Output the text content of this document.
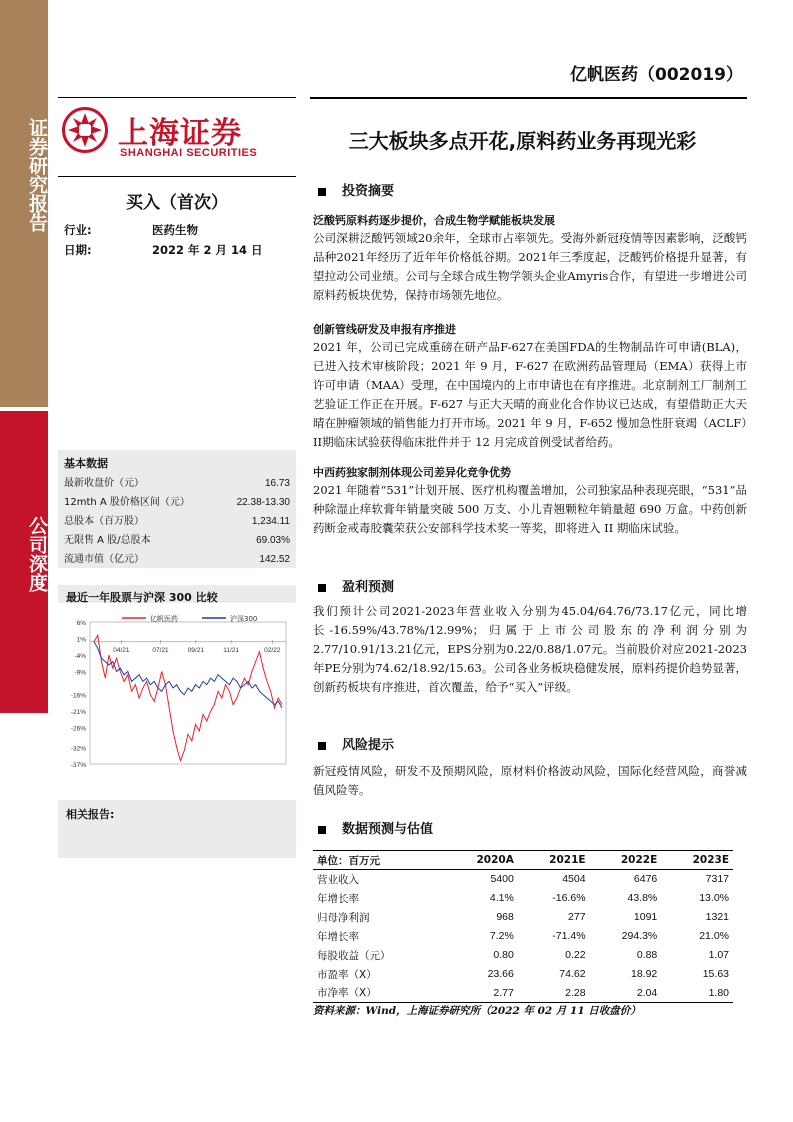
证券研究报告
公司深度
亿帆医药（002019）
上海证券
SHANGHAI SECURITIES	三大板块多点开花,原料药业务再现光彩
买入（首次）
行业:	医药生物
日期:	2022 年 2 月 14 日
基本数据
最新收盘价（元）	16.73
12mth A 股价格区间（元）	22.38-13.30
总股本（百万股）	1,234.11
无限售 A 股/总股本	69.03%
流通市值（亿元）	142.52
最近一年股票与沪深 300 比较
6%
1%
-4%
-9%
-16%
-21%
-26%
-32%
-37%
04/21	07/21	09/21	11/21	02/22
亿帆医药	沪深300
相关报告:
投资摘要
泛酸钙原料药逐步提价，合成生物学赋能板块发展
公司深耕泛酸钙领域20余年，全球市占率领先。受海外新冠疫情等因素影响，泛酸钙品种2021年经历了近年年价格低谷期。2021年三季度起，泛酸钙价格提升显著，有望拉动公司业绩。公司与全球合成生物学领头企业Amyris合作，有望进一步增进公司原料药板块优势，保持市场领先地位。
创新管线研发及申报有序推进
2021 年，公司已完成重磅在研产品F-627在美国FDA的生物制品许可申请(BLA)，已进入技术审核阶段；2021 年 9 月，F-627 在欧洲药品管理局（EMA）获得上市许可申请（MAA）受理，在中国境内的上市申请也在有序推进。北京制剂工厂制剂工艺验证工作正在开展。F-627 与正大天晴的商业化合作协议已达成，有望借助正大天晴在肿瘤领域的销售能力打开市场。2021 年 9 月，F-652 慢加急性肝衰竭（ACLF）II期临床试验获得临床批件并于 12 月完成首例受试者给药。
中西药独家制剂体现公司差异化竞争优势
2021 年随着“531”计划开展、医疗机构覆盖增加，公司独家品种表现亮眼，“531”品种除湿止痒软膏年销量突破 500 万支、小儿青翘颗粒年销量超 690 万盒。中药创新药断金戒毒胶囊荣获公安部科学技术奖一等奖，即将进入 II 期临床试验。
盈利预测
我们预计公司2021-2023年营业收入分别为45.04/64.76/73.17亿元，同比增长-16.59%/43.78%/12.99%；归属于上市公司股东的净利润分别为2.77/10.91/13.21亿元，EPS分别为0.22/0.88/1.07元。当前股价对应2021-2023年PE分别为74.62/18.92/15.63。公司各业务板块稳健发展，原料药提价趋势显著，创新药板块有序推进，首次覆盖，给予“买入”评级。
风险提示
新冠疫情风险，研发不及预期风险，原材料价格波动风险，国际化经营风险，商誉减值风险等。
数据预测与估值
单位：百万元	2020A	2021E	2022E	2023E
营业收入	5400	4504	6476	7317
年增长率	4.1%	-16.6%	43.8%	13.0%
归母净利润	968	277	1091	1321
年增长率	7.2%	-71.4%	294.3%	21.0%
每股收益（元）	0.80	0.22	0.88	1.07
市盈率（X）	23.66	74.62	18.92	15.63
市净率（X）	2.77	2.28	2.04	1.80
资料来源：Wind，上海证券研究所（2022 年 02 月 11 日收盘价）
